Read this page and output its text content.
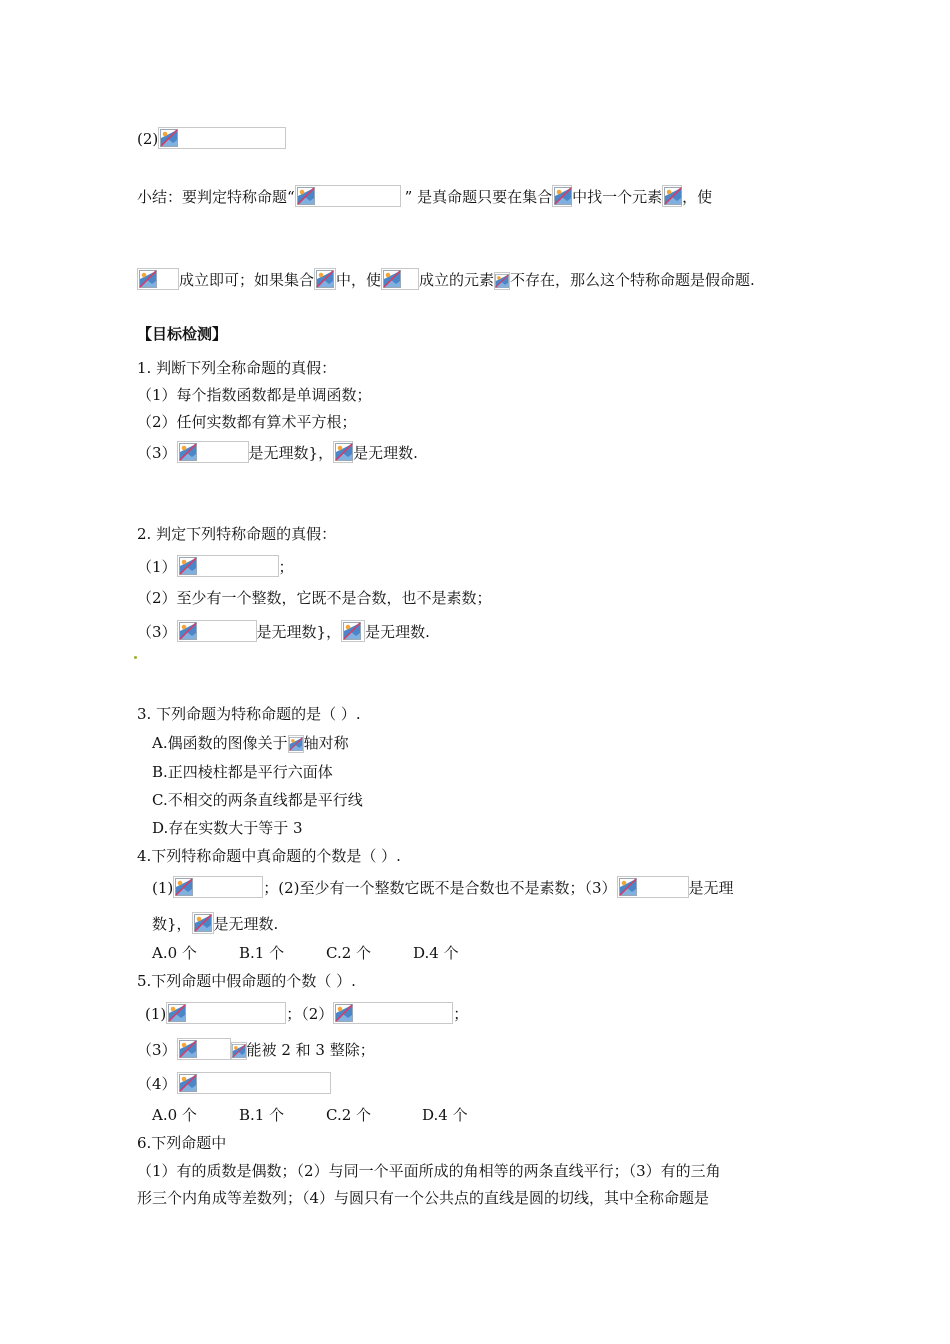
(2)
小结：要判定特称命题“	” 是真命题只要在集合 中找一个元素 ，使
成立即可；如果集合 中，使	成立的元素 不存在，那么这个特称命题是假命题.
【目标检测】
1. 判断下列全称命题的真假：
（1）每个指数函数都是单调函数；
（2）任何实数都有算术平方根；
（3）	是无理数}， 是无理数.
2. 判定下列特称命题的真假：
（1）	；
（2）至少有一个整数，它既不是合数，也不是素数；
（3）	是无理数}， 是无理数.
3. 下列命题为特称命题的是（ ）.
A.偶函数的图像关于 轴对称
B.正四棱柱都是平行六面体
C.不相交的两条直线都是平行线
D.存在实数大于等于 3
4.下列特称命题中真命题的个数是（ ）.
(1)	；(2)至少有一个整数它既不是合数也不是素数；（3）	是无理
数}， 是无理数.
A.0 个	B.1 个	C.2 个	D.4 个
5.下列命题中假命题的个数（ ）.
(1)	；（2）	；
（3）	能被 2 和 3 整除；
（4）
A.0 个	B.1 个	C.2 个	D.4 个
6.下列命题中
（1）有的质数是偶数；（2）与同一个平面所成的角相等的两条直线平行；（3）有的三角
形三个内角成等差数列；（4）与圆只有一个公共点的直线是圆的切线，其中全称命题是
